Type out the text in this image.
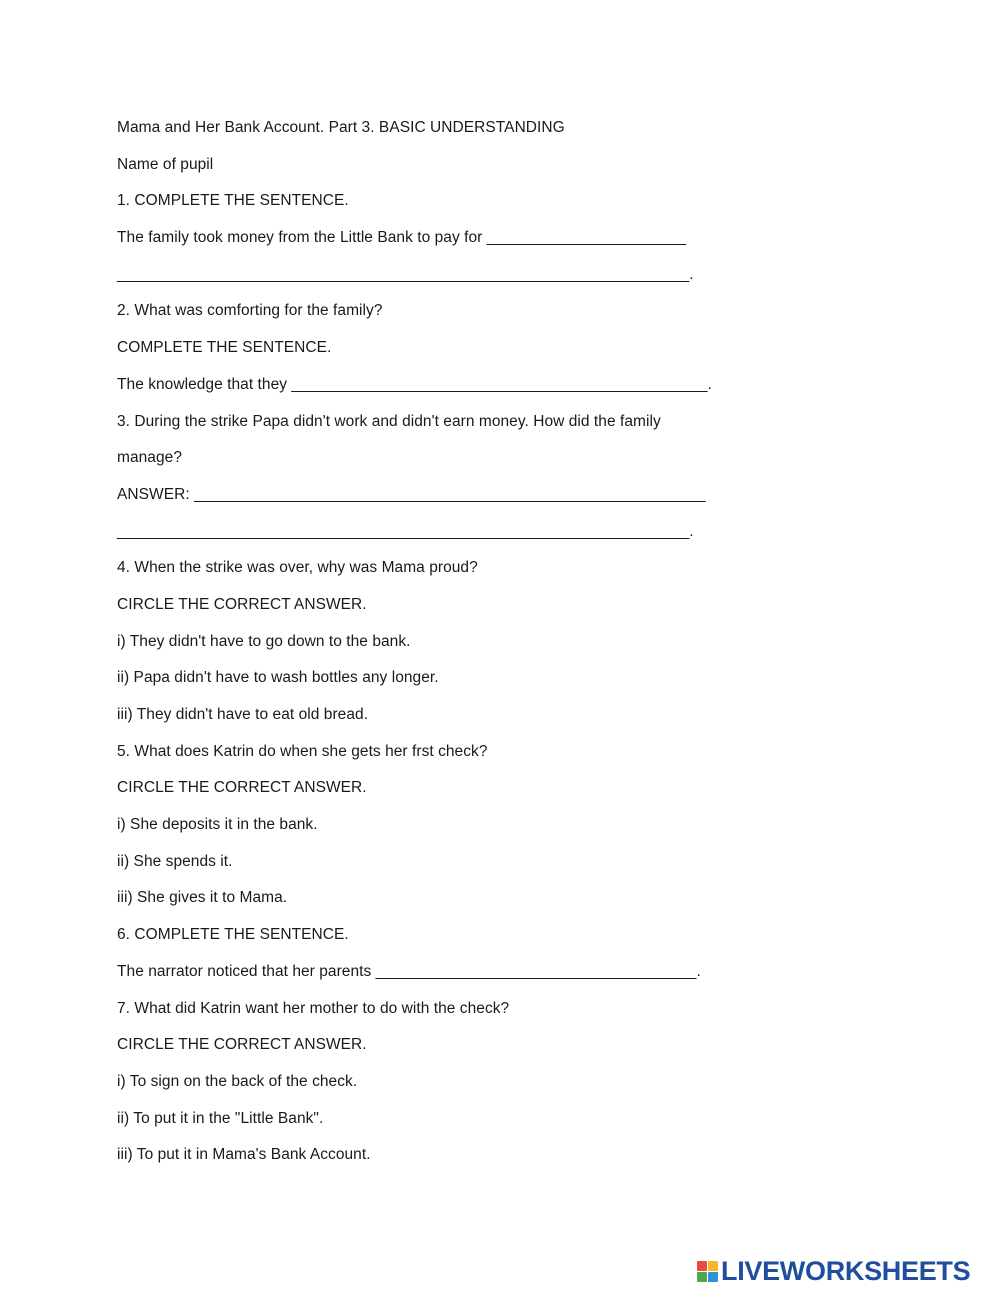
Mama and Her Bank Account. Part 3. BASIC UNDERSTANDING
Name of pupil
1. COMPLETE THE SENTENCE.
The family took money from the Little Bank to pay for _______________________
__________________________________________________________________.
2. What was comforting for the family?
COMPLETE THE SENTENCE.
The knowledge that they ________________________________________________.
3. During the strike Papa didn't work and didn't earn money. How did the family
manage?
ANSWER: ___________________________________________________________
__________________________________________________________________.
4. When the strike was over, why was Mama proud?
CIRCLE THE CORRECT ANSWER.
i) They didn't have to go down to the bank.
ii) Papa didn't have to wash bottles any longer.
iii) They didn't have to eat old bread.
5. What does Katrin do when she gets her frst check?
CIRCLE THE CORRECT ANSWER.
i) She deposits it in the bank.
ii) She spends it.
iii) She gives it to Mama.
6. COMPLETE THE SENTENCE.
The narrator noticed that her parents _____________________________________.
7. What did Katrin want her mother to do with the check?
CIRCLE THE CORRECT ANSWER.
i) To sign on the back of the check.
ii) To put it in the "Little Bank".
iii) To put it in Mama's Bank Account.
LIVEWORKSHEETS
